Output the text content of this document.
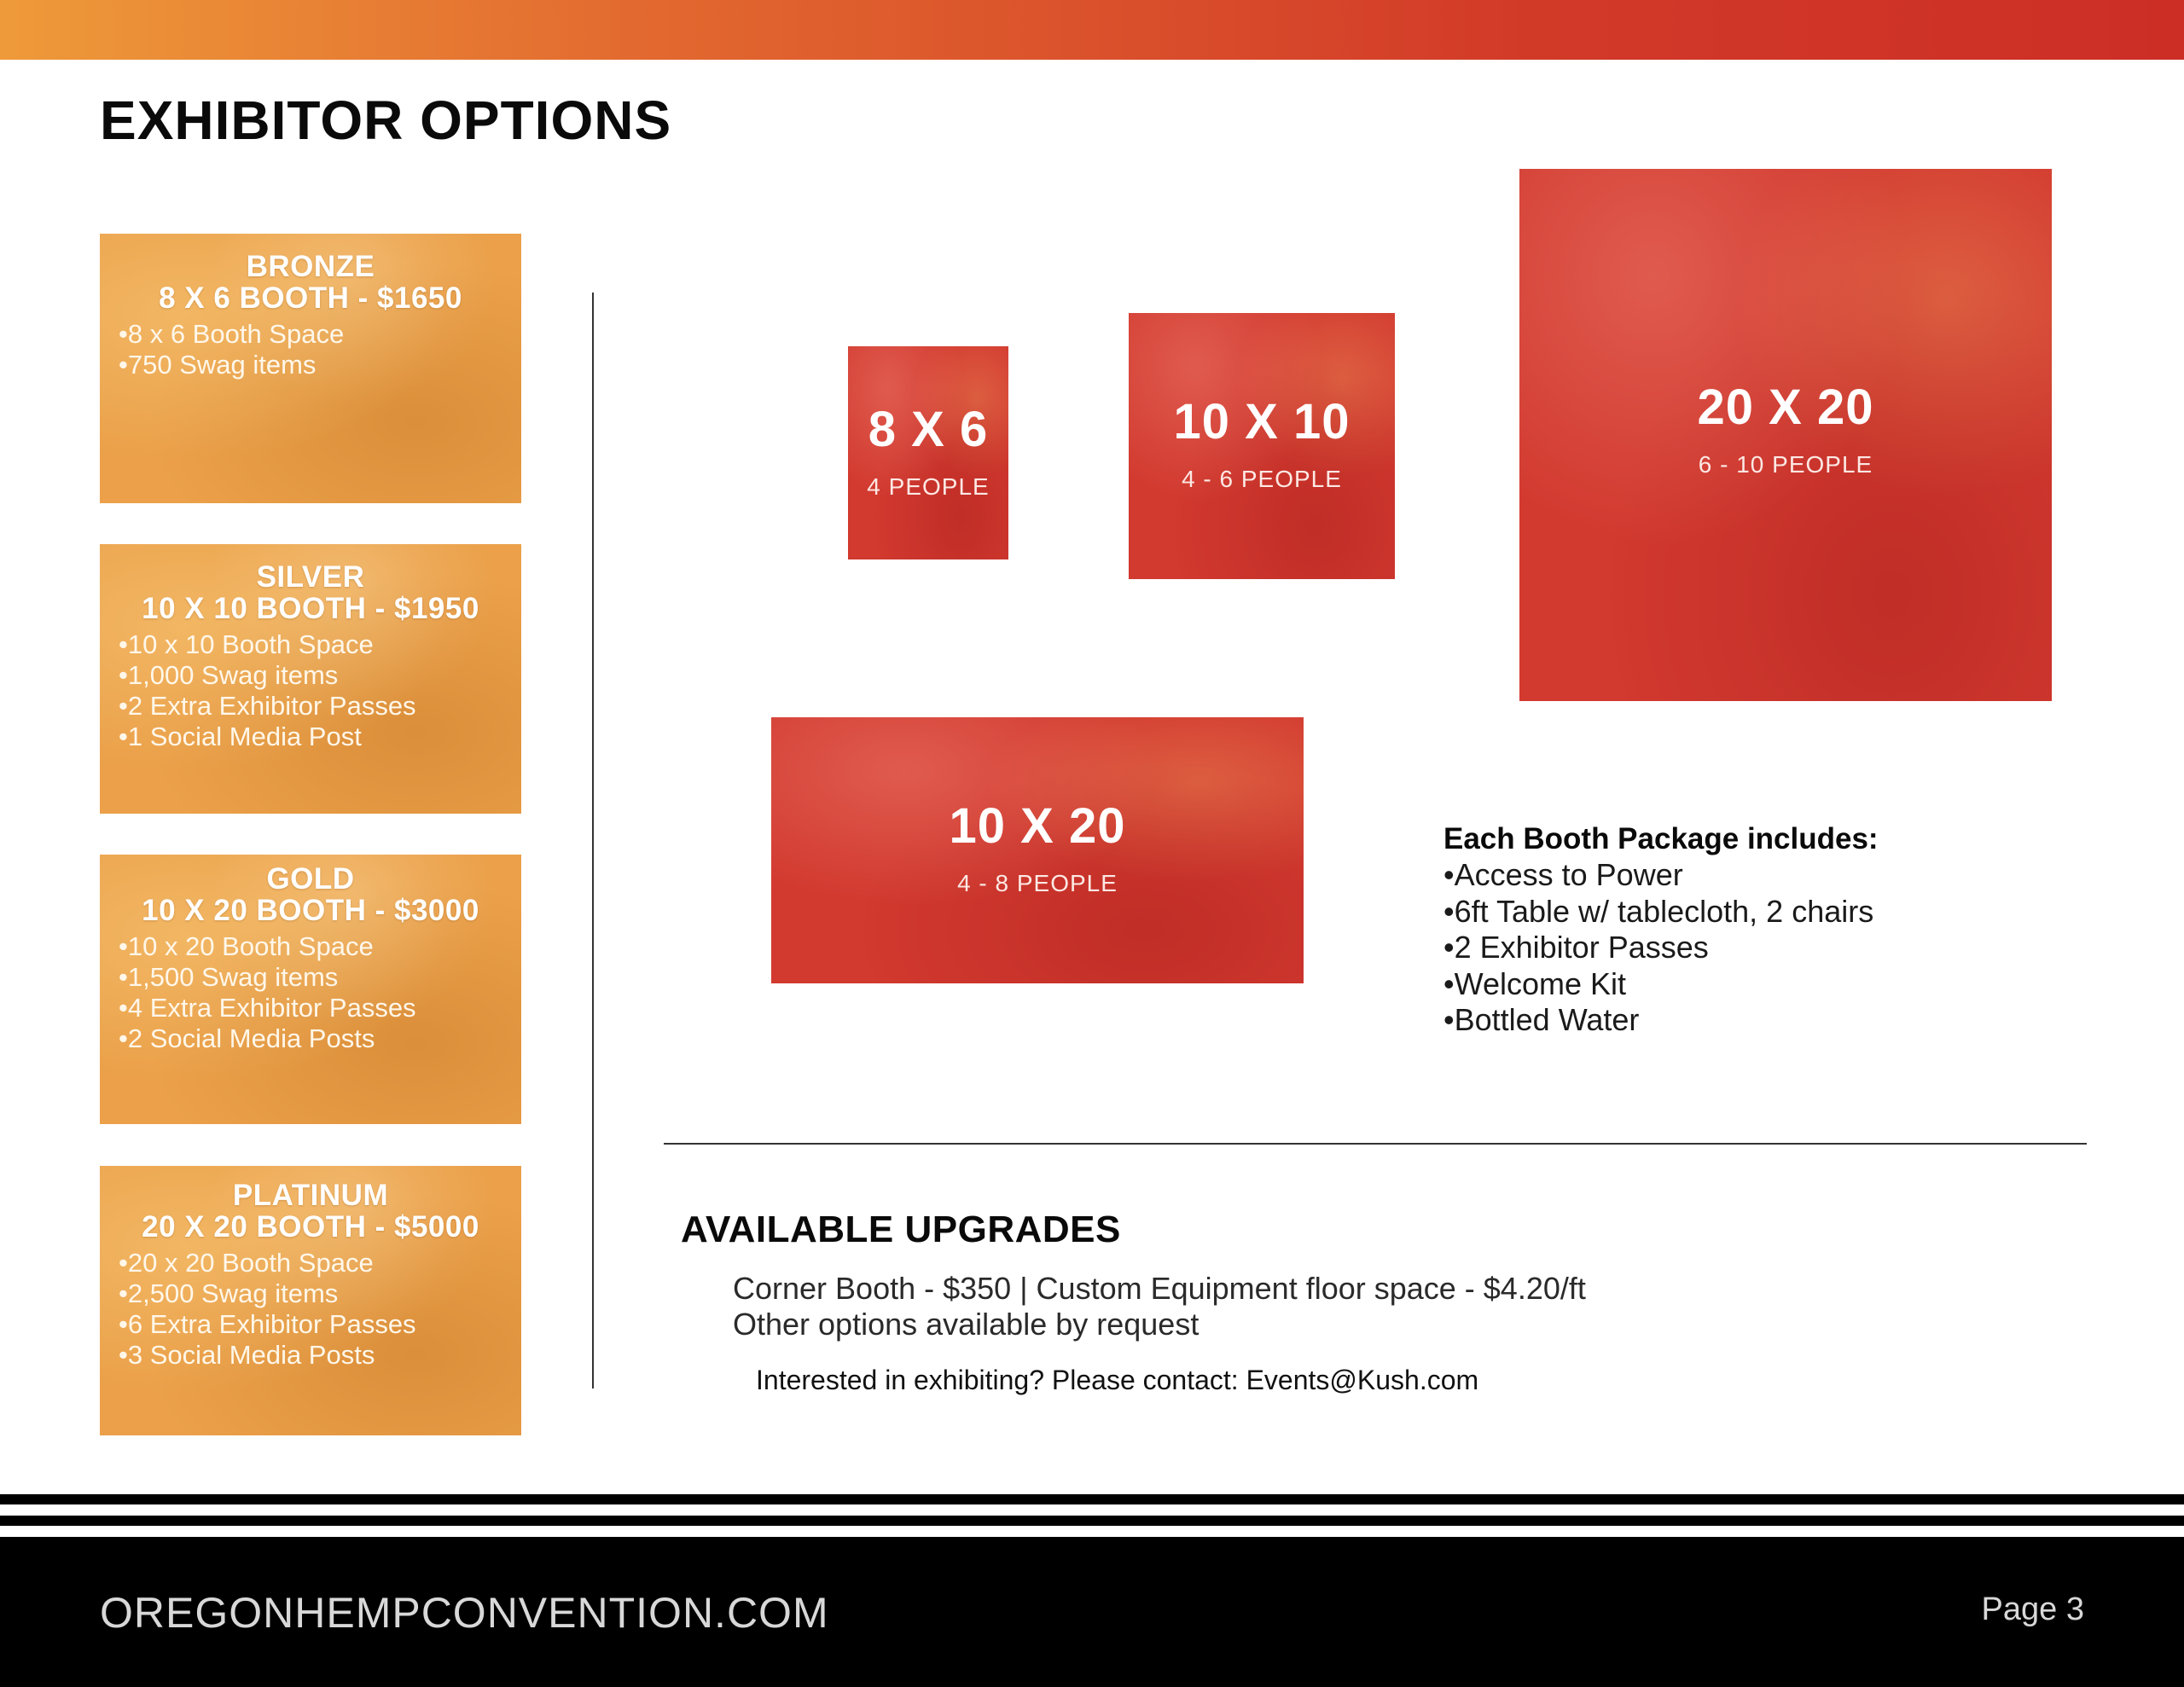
EXHIBITOR OPTIONS
BRONZE
8 X 6 BOOTH - $1650
• 8 x 6 Booth Space
• 750 Swag items
SILVER
10 X 10 BOOTH - $1950
• 10 x 10 Booth Space
• 1,000 Swag items
• 2 Extra Exhibitor Passes
• 1 Social Media Post
GOLD
10 X 20 BOOTH - $3000
• 10 x 20 Booth Space
• 1,500 Swag items
• 4 Extra Exhibitor Passes
• 2 Social Media Posts
PLATINUM
20 X 20 BOOTH - $5000
• 20 x 20 Booth Space
• 2,500 Swag items
• 6 Extra Exhibitor Passes
• 3 Social Media Posts
8 X 6
4 PEOPLE
10 X 10
4 - 6 PEOPLE
20 X 20
6 - 10 PEOPLE
10 X 20
4 - 8 PEOPLE
Each Booth Package includes:
• Access to Power
• 6ft Table w/ tablecloth, 2 chairs
• 2 Exhibitor Passes
• Welcome Kit
• Bottled Water
AVAILABLE UPGRADES
Corner Booth - $350 | Custom Equipment floor space - $4.20/ft
Other options available by request
Interested in exhibiting? Please contact: Events@Kush.com
OREGONHEMPCONVENTION.COM	Page 3
